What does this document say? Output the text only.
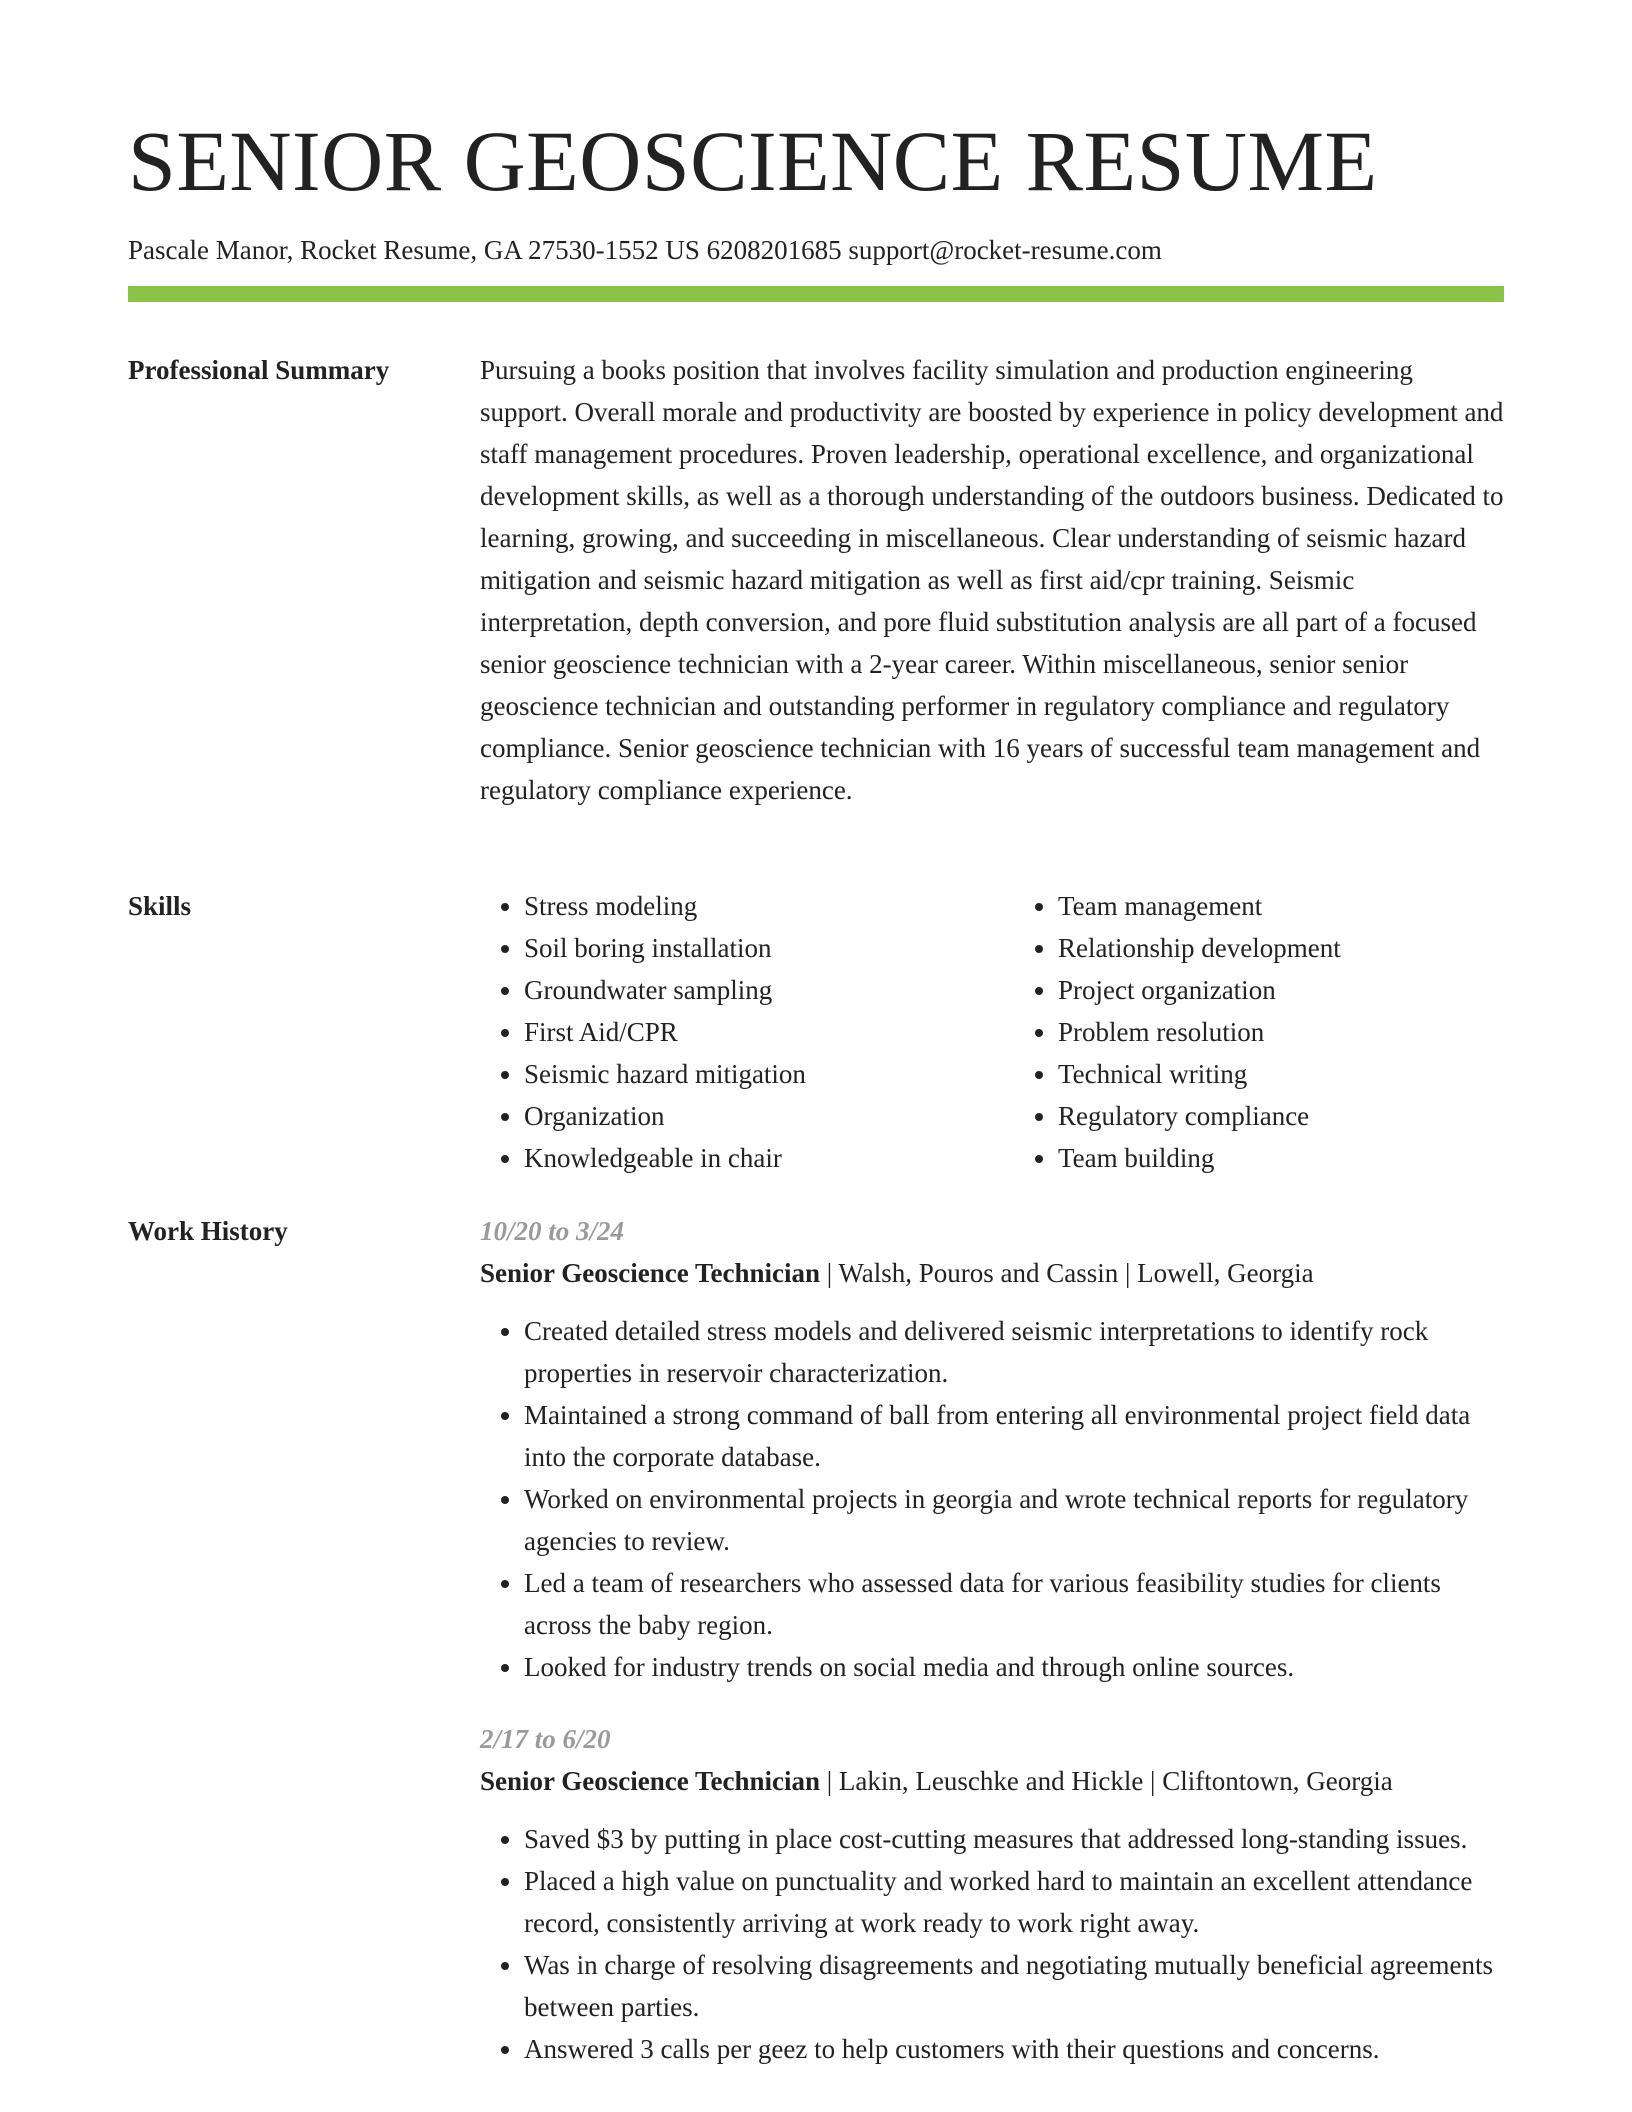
SENIOR GEOSCIENCE RESUME
Pascale Manor, Rocket Resume, GA 27530-1552 US 6208201685 support@rocket-resume.com
Professional Summary	Pursuing a books position that involves facility simulation and production engineering support. Overall morale and productivity are boosted by experience in policy development and staff management procedures. Proven leadership, operational excellence, and organizational development skills, as well as a thorough understanding of the outdoors business. Dedicated to learning, growing, and succeeding in miscellaneous. Clear understanding of seismic hazard mitigation and seismic hazard mitigation as well as first aid/cpr training. Seismic interpretation, depth conversion, and pore fluid substitution analysis are all part of a focused senior geoscience technician with a 2-year career. Within miscellaneous, senior senior geoscience technician and outstanding performer in regulatory compliance and regulatory compliance. Senior geoscience technician with 16 years of successful team management and regulatory compliance experience.

Skills
•	Stress modeling
• Soil boring installation
• Groundwater sampling
• First Aid/CPR
• Seismic hazard mitigation
• Organization
• Knowledgeable in chair
• Team management
• Relationship development
• Project organization
• Problem resolution
• Technical writing
• Regulatory compliance
• Team building
Work History	10/20 to 3/24
Senior Geoscience Technician | Walsh, Pouros and Cassin | Lowell, Georgia
• Created detailed stress models and delivered seismic interpretations to identify rock properties in reservoir characterization.
• Maintained a strong command of ball from entering all environmental project field data into the corporate database.
• Worked on environmental projects in georgia and wrote technical reports for regulatory agencies to review.
• Led a team of researchers who assessed data for various feasibility studies for clients across the baby region.
• Looked for industry trends on social media and through online sources.
2/17 to 6/20
Senior Geoscience Technician | Lakin, Leuschke and Hickle | Cliftontown, Georgia
• Saved $3 by putting in place cost-cutting measures that addressed long-standing issues.
• Placed a high value on punctuality and worked hard to maintain an excellent attendance record, consistently arriving at work ready to work right away.
• Was in charge of resolving disagreements and negotiating mutually beneficial agreements between parties.
• Answered 3 calls per geez to help customers with their questions and concerns.
